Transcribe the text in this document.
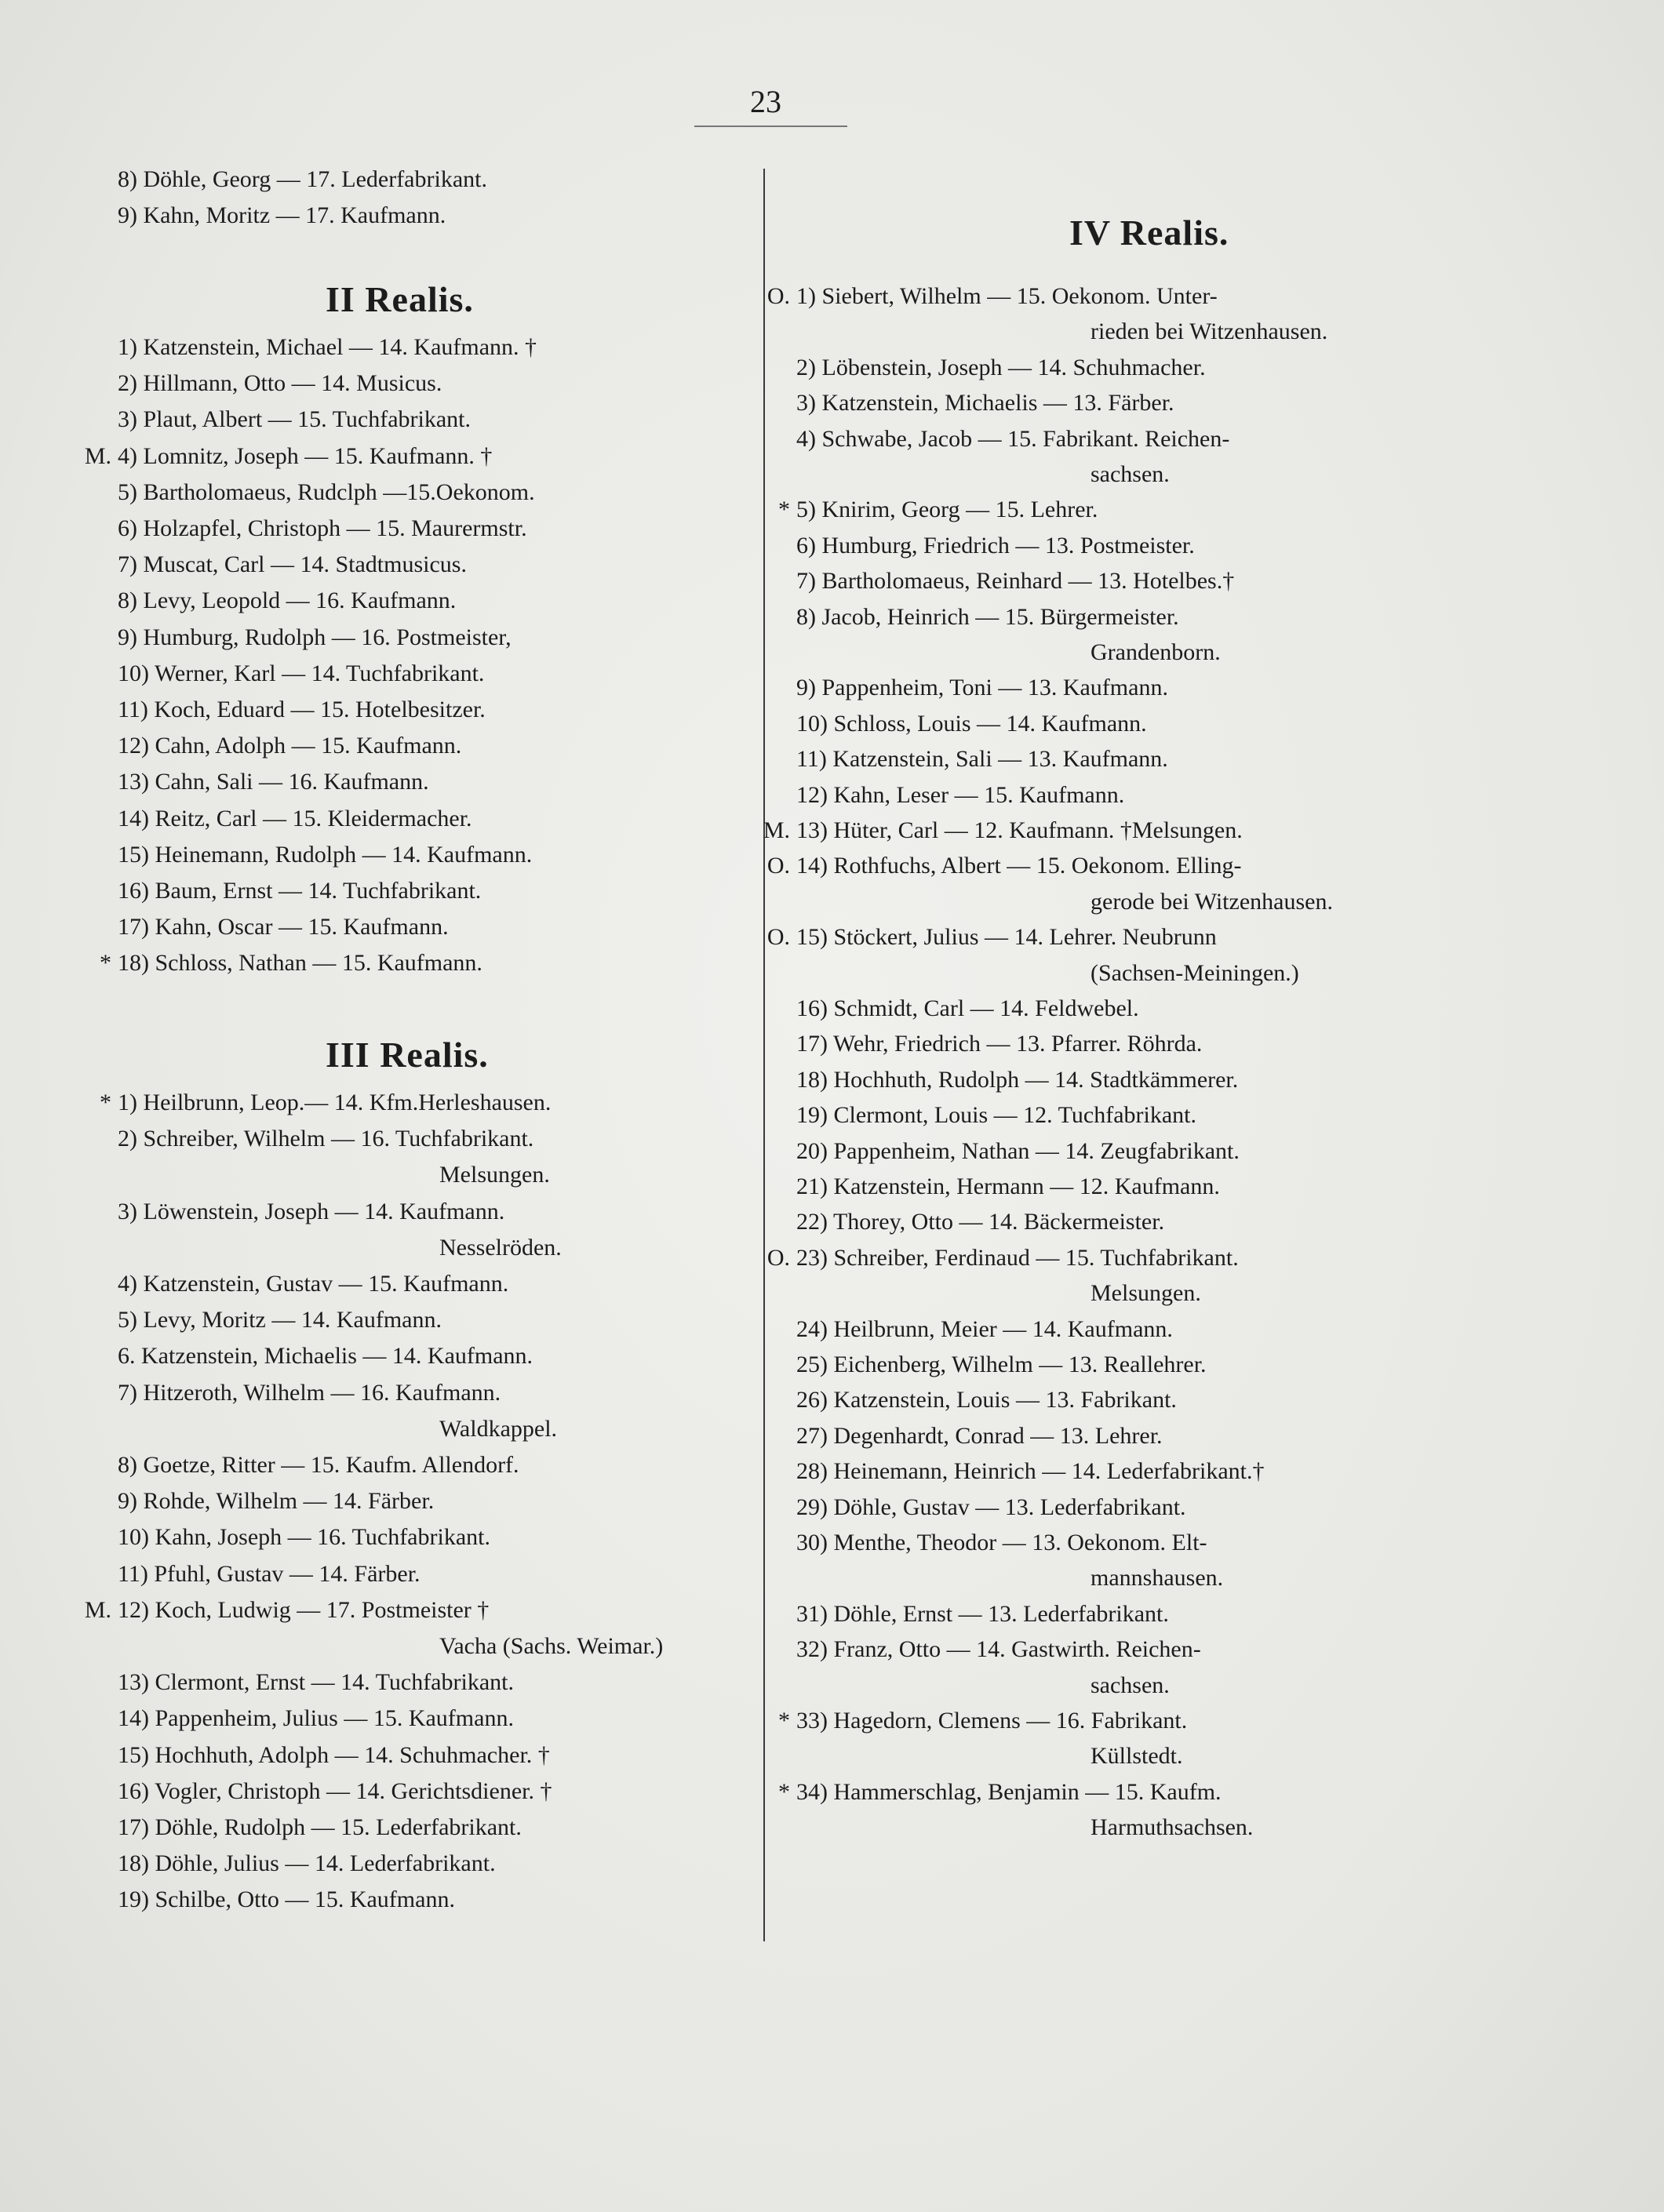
23
8) Döhle, Georg — 17. Lederfabrikant.
9) Kahn, Moritz — 17. Kaufmann.
II Realis.
1) Katzenstein, Michael — 14. Kaufmann. †
2) Hillmann, Otto — 14. Musicus.
3) Plaut, Albert — 15. Tuchfabrikant.
M. 4) Lomnitz, Joseph — 15. Kaufmann. †
5) Bartholomaeus, Rudclph —15.Oekonom.
6) Holzapfel, Christoph — 15. Maurermstr.
7) Muscat, Carl — 14. Stadtmusicus.
8) Levy, Leopold — 16. Kaufmann.
9) Humburg, Rudolph — 16. Postmeister,
10) Werner, Karl — 14. Tuchfabrikant.
11) Koch, Eduard — 15. Hotelbesitzer.
12) Cahn, Adolph — 15. Kaufmann.
13) Cahn, Sali — 16. Kaufmann.
14) Reitz, Carl — 15. Kleidermacher.
15) Heinemann, Rudolph — 14. Kaufmann.
16) Baum, Ernst — 14. Tuchfabrikant.
17) Kahn, Oscar — 15. Kaufmann.
* 18) Schloss, Nathan — 15. Kaufmann.
III Realis.
* 1) Heilbrunn, Leop.— 14. Kfm.Herleshausen.
2) Schreiber, Wilhelm — 16. Tuchfabrikant.
Melsungen.
3) Löwenstein, Joseph — 14. Kaufmann.
Nesselröden.
4) Katzenstein, Gustav — 15. Kaufmann.
5) Levy, Moritz — 14. Kaufmann.
6. Katzenstein, Michaelis — 14. Kaufmann.
7) Hitzeroth, Wilhelm — 16. Kaufmann.
Waldkappel.
8) Goetze, Ritter — 15. Kaufm. Allendorf.
9) Rohde, Wilhelm — 14. Färber.
10) Kahn, Joseph — 16. Tuchfabrikant.
11) Pfuhl, Gustav — 14. Färber.
M. 12) Koch, Ludwig — 17. Postmeister †
Vacha (Sachs. Weimar.)
13) Clermont, Ernst — 14. Tuchfabrikant.
14) Pappenheim, Julius — 15. Kaufmann.
15) Hochhuth, Adolph — 14. Schuhmacher. †
16) Vogler, Christoph — 14. Gerichtsdiener. †
17) Döhle, Rudolph — 15. Lederfabrikant.
18) Döhle, Julius — 14. Lederfabrikant.
19) Schilbe, Otto — 15. Kaufmann.
IV Realis.
O. 1) Siebert, Wilhelm — 15. Oekonom. Unter-
rieden bei Witzenhausen.
2) Löbenstein, Joseph — 14. Schuhmacher.
3) Katzenstein, Michaelis — 13. Färber.
4) Schwabe, Jacob — 15. Fabrikant. Reichen-
sachsen.
* 5) Knirim, Georg — 15. Lehrer.
6) Humburg, Friedrich — 13. Postmeister.
7) Bartholomaeus, Reinhard — 13. Hotelbes.†
8) Jacob, Heinrich — 15. Bürgermeister.
Grandenborn.
9) Pappenheim, Toni — 13. Kaufmann.
10) Schloss, Louis — 14. Kaufmann.
11) Katzenstein, Sali — 13. Kaufmann.
12) Kahn, Leser — 15. Kaufmann.
M. 13) Hüter, Carl — 12. Kaufmann. †Melsungen.
O. 14) Rothfuchs, Albert — 15. Oekonom. Elling-
gerode bei Witzenhausen.
O. 15) Stöckert, Julius — 14. Lehrer. Neubrunn
(Sachsen-Meiningen.)
16) Schmidt, Carl — 14. Feldwebel.
17) Wehr, Friedrich — 13. Pfarrer. Röhrda.
18) Hochhuth, Rudolph — 14. Stadtkämmerer.
19) Clermont, Louis — 12. Tuchfabrikant.
20) Pappenheim, Nathan — 14. Zeugfabrikant.
21) Katzenstein, Hermann — 12. Kaufmann.
22) Thorey, Otto — 14. Bäckermeister.
O. 23) Schreiber, Ferdinaud — 15. Tuchfabrikant.
Melsungen.
24) Heilbrunn, Meier — 14. Kaufmann.
25) Eichenberg, Wilhelm — 13. Reallehrer.
26) Katzenstein, Louis — 13. Fabrikant.
27) Degenhardt, Conrad — 13. Lehrer.
28) Heinemann, Heinrich — 14. Lederfabrikant.†
29) Döhle, Gustav — 13. Lederfabrikant.
30) Menthe, Theodor — 13. Oekonom. Elt-
mannshausen.
31) Döhle, Ernst — 13. Lederfabrikant.
32) Franz, Otto — 14. Gastwirth. Reichen-
sachsen.
* 33) Hagedorn, Clemens — 16. Fabrikant.
Küllstedt.
* 34) Hammerschlag, Benjamin — 15. Kaufm.
Harmuthsachsen.
